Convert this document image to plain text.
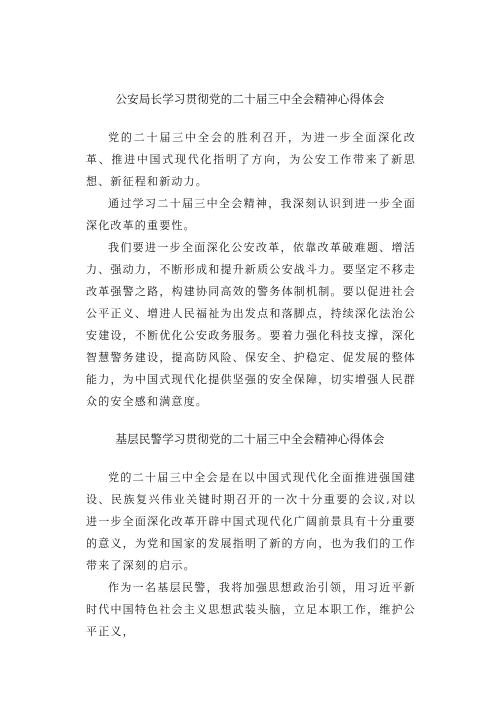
公安局长学习贯彻党的二十届三中全会精神心得体会

党的二十届三中全会的胜利召开，为进一步全面深化改革、推进中国式现代化指明了方向，为公安工作带来了新思想、新征程和新动力。

通过学习二十届三中全会精神，我深刻认识到进一步全面深化改革的重要性。

我们要进一步全面深化公安改革，依靠改革破难题、增活力、强动力，不断形成和提升新质公安战斗力。要坚定不移走改革强警之路，构建协同高效的警务体制机制。要以促进社会公平正义、增进人民福祉为出发点和落脚点，持续深化法治公安建设，不断优化公安政务服务。要着力强化科技支撑，深化智慧警务建设，提高防风险、保安全、护稳定、促发展的整体能力，为中国式现代化提供坚强的安全保障，切实增强人民群众的安全感和满意度。

基层民警学习贯彻党的二十届三中全会精神心得体会

党的二十届三中全会是在以中国式现代化全面推进强国建设、民族复兴伟业关键时期召开的一次十分重要的会议,对以进一步全面深化改革开辟中国式现代化广阔前景具有十分重要的意义，为党和国家的发展指明了新的方向，也为我们的工作带来了深刻的启示。

作为一名基层民警，我将加强思想政治引领，用习近平新时代中国特色社会主义思想武装头脑，立足本职工作，维护公平正义，
